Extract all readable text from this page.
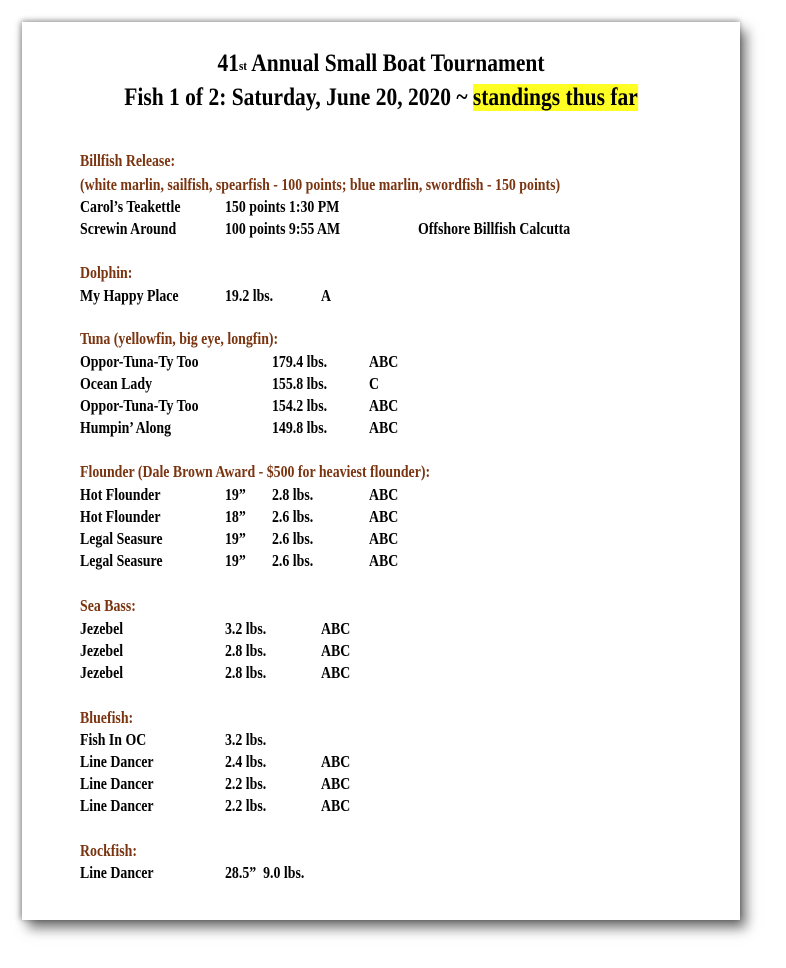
41st Annual Small Boat Tournament
Fish 1 of 2: Saturday, June 20, 2020 ~ standings thus far
Billfish Release:
(white marlin, sailfish, spearfish - 100 points; blue marlin, swordfish - 150 points)
Carol’s Teakettle	150 points 1:30 PM
Screwin Around	100 points 9:55 AM	Offshore Billfish Calcutta
Dolphin:
My Happy Place	19.2 lbs.	A
Tuna (yellowfin, big eye, longfin):
Oppor-Tuna-Ty Too	179.4 lbs.	ABC
Ocean Lady	155.8 lbs.	C
Oppor-Tuna-Ty Too	154.2 lbs.	ABC
Humpin’ Along	149.8 lbs.	ABC
Flounder (Dale Brown Award - $500 for heaviest flounder):
Hot Flounder	19” 2.8 lbs.	ABC
Hot Flounder	18” 2.6 lbs.	ABC
Legal Seasure	19” 2.6 lbs.	ABC
Legal Seasure	19” 2.6 lbs.	ABC
Sea Bass:
Jezebel	3.2 lbs.	ABC
Jezebel	2.8 lbs.	ABC
Jezebel	2.8 lbs.	ABC
Bluefish:
Fish In OC	3.2 lbs.
Line Dancer	2.4 lbs.	ABC
Line Dancer	2.2 lbs.	ABC
Line Dancer	2.2 lbs.	ABC
Rockfish:
Line Dancer	28.5”  9.0 lbs.
